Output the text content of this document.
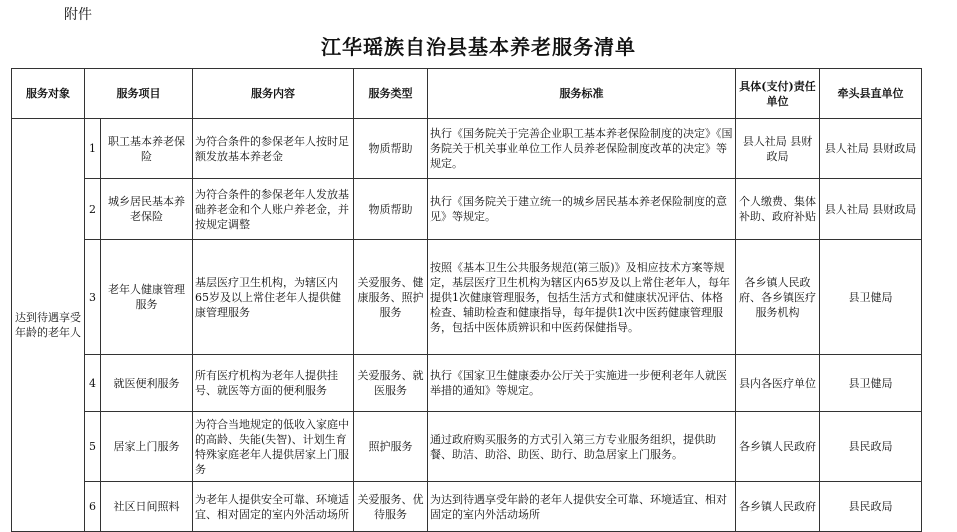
附件
江华瑶族自治县基本养老服务清单
服务对象	服务项目		服务内容	服务类型	服务标准	具体(支付)责任单位	牵头县直单位
达到待遇享受年龄的老年人	1	职工基本养老保险	为符合条件的参保老年人按时足额发放基本养老金	物质帮助	执行《国务院关于完善企业职工基本养老保险制度的决定》《国务院关于机关事业单位工作人员养老保险制度改革的决定》等规定。	县人社局 县财政局	县人社局 县财政局
	2	城乡居民基本养老保险	为符合条件的参保老年人发放基础养老金和个人账户养老金，并按规定调整	物质帮助	执行《国务院关于建立统一的城乡居民基本养老保险制度的意见》等规定。	个人缴费、集体补助、政府补贴	县人社局 县财政局
	3	老年人健康管理服务	基层医疗卫生机构，为辖区内65岁及以上常住老年人提供健康管理服务	关爱服务、健康服务、照护服务	按照《基本卫生公共服务规范(第三版)》及相应技术方案等规定，基层医疗卫生机构为辖区内65岁及以上常住老年人，每年提供1次健康管理服务，包括生活方式和健康状况评估、体格检查、辅助检查和健康指导，每年提供1次中医药健康管理服务，包括中医体质辨识和中医药保健指导。	各乡镇人民政府、各乡镇医疗服务机构	县卫健局
	4	就医便利服务	所有医疗机构为老年人提供挂号、就医等方面的便利服务	关爱服务、就医服务	执行《国家卫生健康委办公厅关于实施进一步便利老年人就医举措的通知》等规定。	县内各医疗单位	县卫健局
	5	居家上门服务	为符合当地规定的低收入家庭中的高龄、失能(失智)、计划生育特殊家庭老年人提供居家上门服务	照护服务	通过政府购买服务的方式引入第三方专业服务组织，提供助餐、助洁、助浴、助医、助行、助急居家上门服务。	各乡镇人民政府	县民政局
	6	社区日间照料	为老年人提供安全可靠、环境适宜、相对固定的室内外活动场所	关爱服务、优待服务	为达到待遇享受年龄的老年人提供安全可靠、环境适宜、相对固定的室内外活动场所	各乡镇人民政府	县民政局
